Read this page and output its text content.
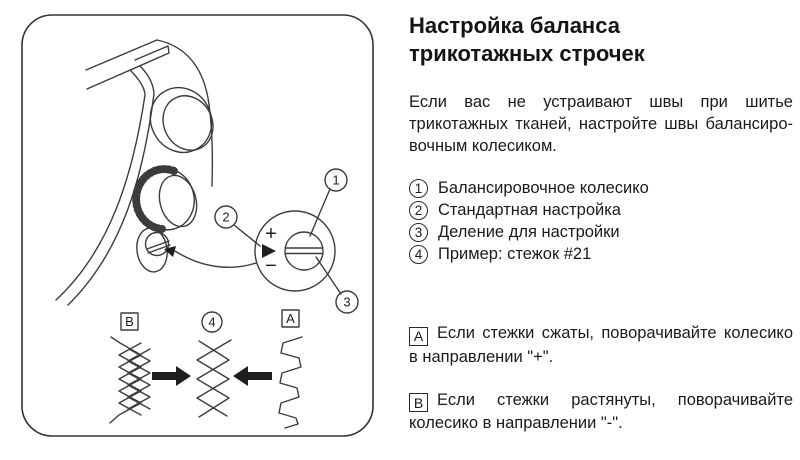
+
−
1
2
3
B	4	A
Настройка баланса
трикотажных строчек

Если вас не устраивают швы при шитье трикотажных тканей, настройте швы балансиро-вочным колесиком.

1 Балансировочное колесико
2 Стандартная настройка
3 Деление для настройки
4 Пример: стежок #21

A Если стежки сжаты, поворачивайте колесико в направлении "+".

B Если стежки растянуты, поворачивайте колесико в направлении "-".
